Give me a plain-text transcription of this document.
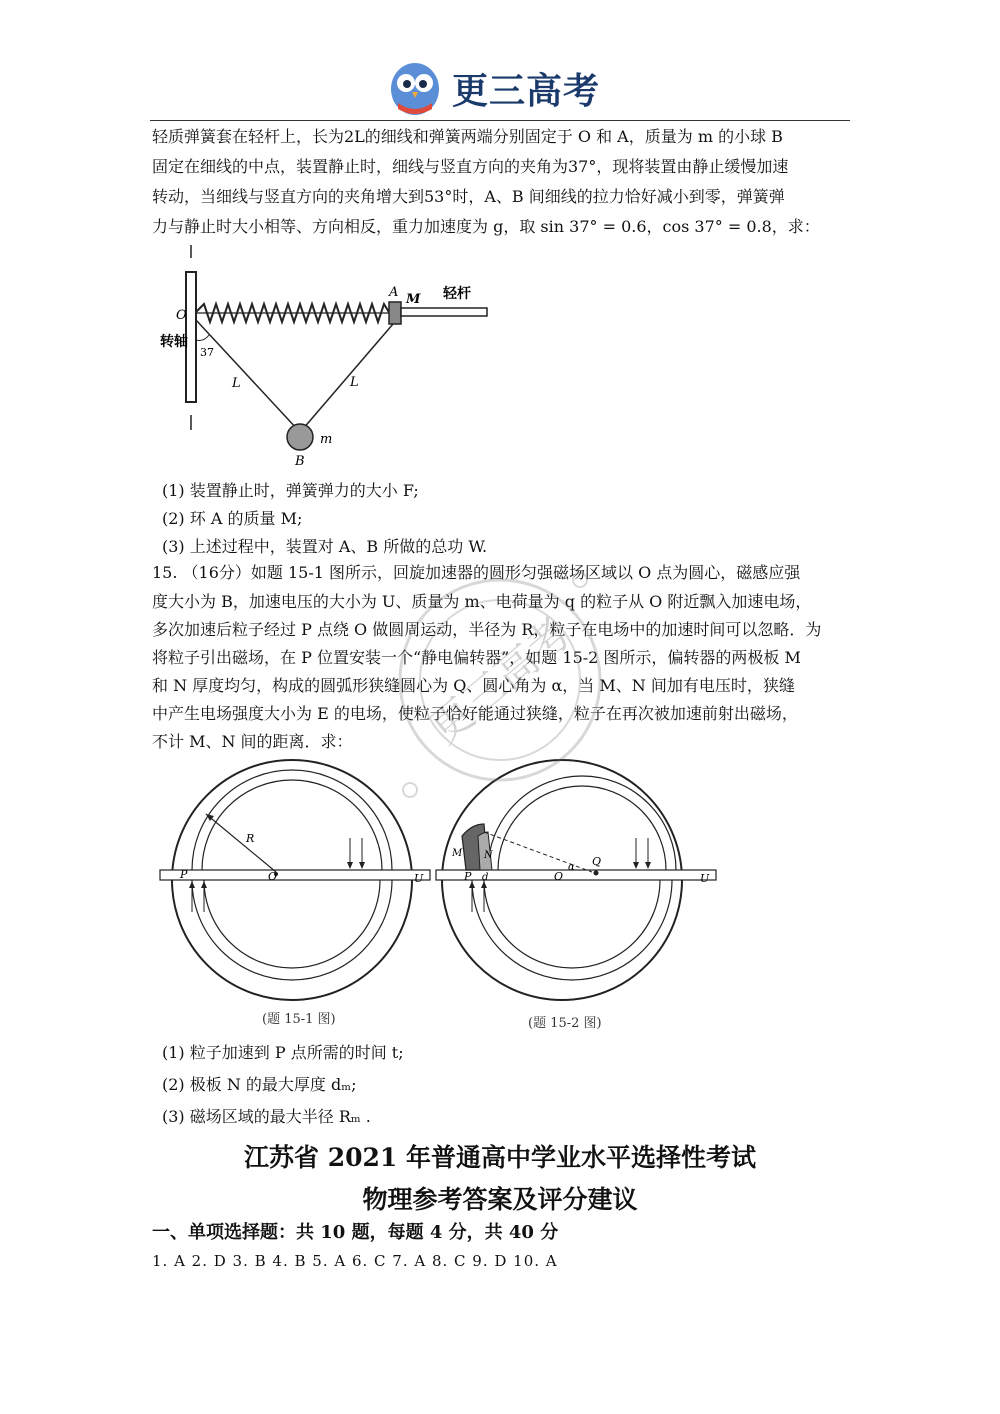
更三高考
轻质弹簧套在轻杆上，长为2L的细线和弹簧两端分别固定于 O 和 A，质量为 m 的小球 B
固定在细线的中点，装置静止时，细线与竖直方向的夹角为37°，现将装置由静止缓慢加速
转动，当细线与竖直方向的夹角增大到53°时，A、B 间细线的拉力恰好减小到零，弹簧弹
力与静止时大小相等、方向相反，重力加速度为 g，取 sin 37° = 0.6，cos 37° = 0.8，求：
O
A M 轻杆
转轴
37
L	L
m
B
(1) 装置静止时，弹簧弹力的大小 F;
(2) 环 A 的质量 M;
(3) 上述过程中，装置对 A、B 所做的总功 W.
15. （16分）如题 15-1 图所示，回旋加速器的圆形匀强磁场区域以 O 点为圆心，磁感应强
度大小为 B，加速电压的大小为 U、质量为 m、电荷量为 q 的粒子从 O 附近飘入加速电场，
多次加速后粒子经过 P 点绕 O 做圆周运动，半径为 R，粒子在电场中的加速时间可以忽略．为
将粒子引出磁场，在 P 位置安装一个“静电偏转器”，如题 15-2 图所示，偏转器的两极板 M
和 N 厚度均匀，构成的圆弧形狭缝圆心为 Q、圆心角为 α，当 M、N 间加有电压时，狭缝
中产生电场强度大小为 E 的电场，使粒子恰好能通过狭缝，粒子在再次被加速前射出磁场，
不计 M、N 间的距离．求：
R
P	O	U
(题 15-1 图)
M N
P d	O
α Q
U
(题 15-2 图)
更三高考
(1) 粒子加速到 P 点所需的时间 t;
(2) 极板 N 的最大厚度 dₘ;
(3) 磁场区域的最大半径 Rₘ .
江苏省 2021 年普通高中学业水平选择性考试
物理参考答案及评分建议
一、单项选择题：共 10 题，每题 4 分，共 40 分
1. A 2. D 3. B 4. B 5. A 6. C 7. A 8. C 9. D 10. A
